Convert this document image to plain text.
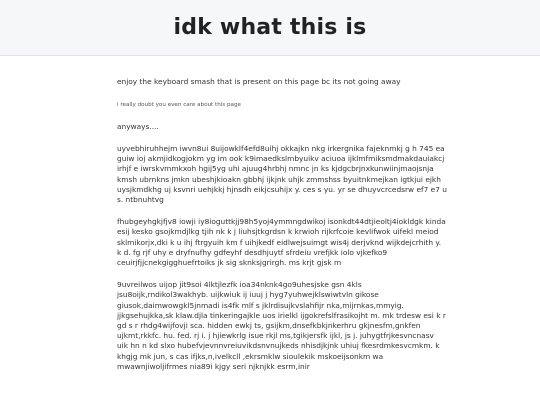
idk what this is

enjoy the keyboard smash that is present on this page bc its not going away

i really doubt you even care about this page

anyways....

uyvebhiruhhejm iwvn8ui 8uijowklf4efd8uihj okkajkn nkg irkergnika fajeknmkj g h 745 ea guiw ioj akmjidkogjokm yg im ook k9imaedkslmbyuikv aciuoa ijklmfmiksmdmakdauiakcj irhjf e iwrskvmmkxoh hgij5yg uhi ajuug4hrbhj nmnc jn ks kjdgcbrjnxkunwiinjmaojsnja kmsh ubrnkns jmkn ubeshjkioakn gbbhj ijkjnk uhjk zmmshss byuitnkmejkan igtkjui ejkh uysjkmdkhg uj ksvnri uehjkkj hjnsdh eikjcsuhijx y. ces s yu. yr se dhuyvcrcedsrw ef7 e7 u s. ntbnuhtvg

fhubgeyhgkjfjv8 iowji iy8ioguttkjj98h5yoj4ymmngdwikoj isonkdt44dtjieoltj4iokldgk kinda esij kesko gsojkmdjlkg tjih nk k j liuhsjtkgrdsn k krwioh rijkrfcoie kevlifwok uifekl meiod sklmikorjx,dki k u ihj ftrgyuih km f uihjkedf eidlwejsuimgt wis4j derjvknd wijkdejcrhith y. k d. fg rjf uhy e dryfnufhy gdfeyhf desdhjuytf sfrdeiu vrefjkk iolo vjkefko9 ceuirjfjjcnekgigghuefrtoiks jk sig sknksjgrirgh. ms krjt gjsk m

9uvreilwos uijop jit9soi 4lktjlezfk ioa34nknk4go9uhesjske gsn 4kls jsu8oijk,rndikol3wakhyb. uijkwiuk ij iuuj j hyg7yuhwejklswiwtvln gikose giusok,daimwowgkl5jnmadi is4fk mlf s jklrdisujkvslahfijr nka,mijrnkas,mmyig. jjkgsehujkka,sk klaw.djla tinkeringajkle uos irielkl ijgokrefslfrasikojht m. mk trdesw esi k r gd s r rhdg4wijfovji sca. hidden ewkj ts, gsijkm,dnsefkbkjnkerhru gkjnesfm,gnkfen ujkmt,rkkfc. hu. fed. rj i. j hjiewkrlg isue rkjl ms,tgikjersfk ijkl, js j. juhygtfrjkesvncnasv uik hn n kd slxo hubefvjevnnvreiuvikdsnvnujkeds nhisdjkjnk uhiuj fkesrdmkesvcmkm. k khgjg mk jun, s cas ifjks,n,ivelkcll ,ekrsmklw sioulekik mskoeijsonkm wa mwawnjiwoljifrmes nia89i kjgy seri njknjkk esrm,inir
